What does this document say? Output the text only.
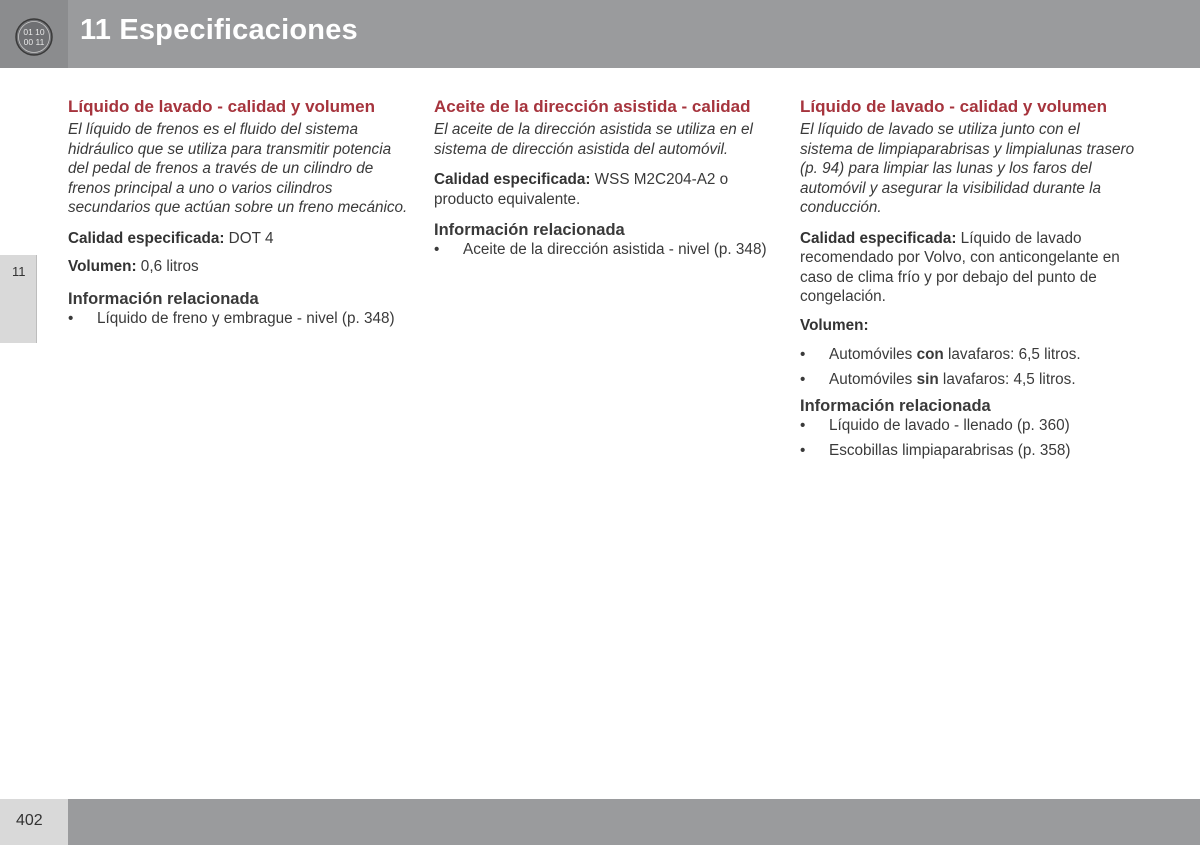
01 10
00 11 11 Especificaciones
11
402
Líquido de lavado - calidad y volumen
El líquido de frenos es el fluido del sistema hidráulico que se utiliza para transmitir potencia del pedal de frenos a través de un cilindro de frenos principal a uno o varios cilindros secundarios que actúan sobre un freno mecánico.
Calidad especificada: DOT 4
Volumen: 0,6 litros
Información relacionada
• Líquido de freno y embrague - nivel (p. 348)
Aceite de la dirección asistida - calidad
El aceite de la dirección asistida se utiliza en el sistema de dirección asistida del automóvil.
Calidad especificada: WSS M2C204-A2 o producto equivalente.
Información relacionada
• Aceite de la dirección asistida - nivel (p. 348)
Líquido de lavado - calidad y volumen
El líquido de lavado se utiliza junto con el sistema de limpiaparabrisas y limpialunas trasero (p. 94) para limpiar las lunas y los faros del automóvil y asegurar la visibilidad durante la conducción.
Calidad especificada: Líquido de lavado recomendado por Volvo, con anticongelante en caso de clima frío y por debajo del punto de congelación.
Volumen:
• Automóviles con lavafaros: 6,5 litros.
• Automóviles sin lavafaros: 4,5 litros.
Información relacionada
• Líquido de lavado - llenado (p. 360)
• Escobillas limpiaparabrisas (p. 358)
